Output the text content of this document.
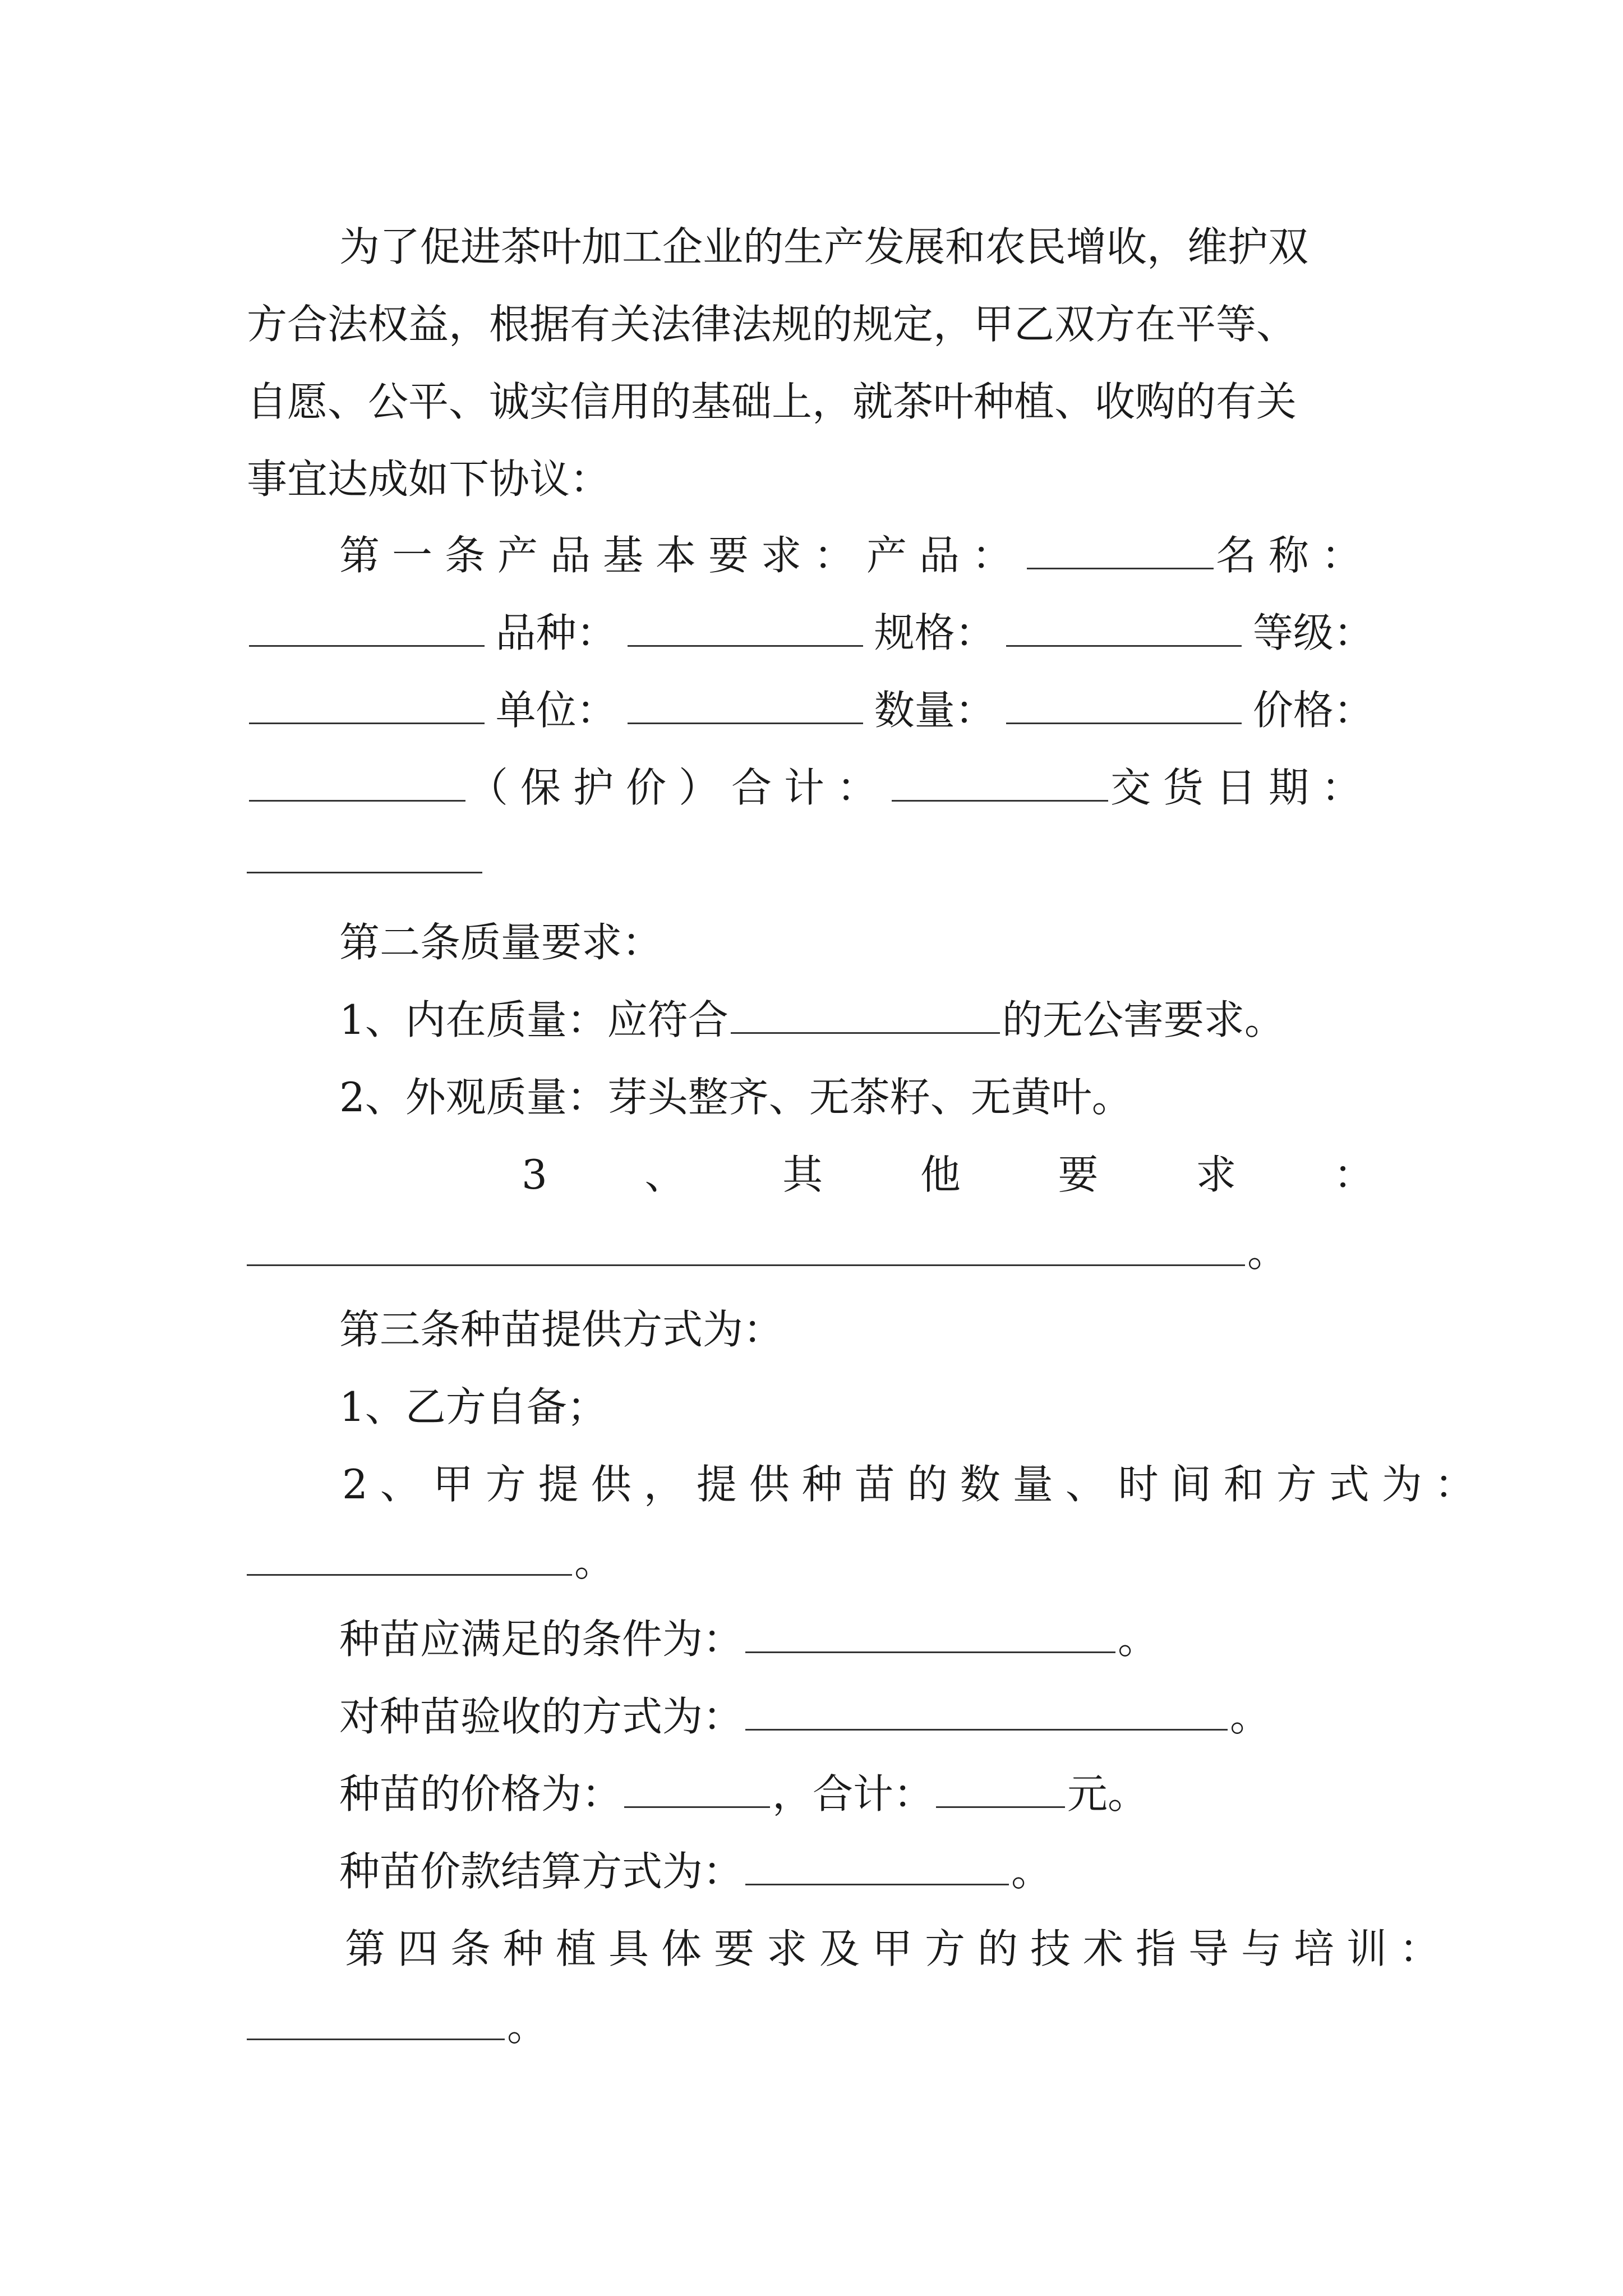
为了促进茶叶加工企业的生产发展和农民增收，维护双
方合法权益，根据有关法律法规的规定，甲乙双方在平等、
自愿、公平、诚实信用的基础上，就茶叶种植、收购的有关
事宜达成如下协议：
第一条产品基本要求：产品：	名称：
品种：	规格：	等级：
单位：	数量：	价格：
（保护价）合计：	交货日期：
第二条质量要求：
1、内在质量：应符合	的无公害要求。
2、外观质量：芽头整齐、无茶籽、无黄叶。
3 、 其 他 要 求 ：
。
第三条种苗提供方式为：
1、乙方自备；
2、甲方提供，提供种苗的数量、时间和方式为：
。
种苗应满足的条件为：	。
对种苗验收的方式为：	。
种苗的价格为：	，合计：	元。
种苗价款结算方式为：	。
第四条种植具体要求及甲方的技术指导与培训：
。
